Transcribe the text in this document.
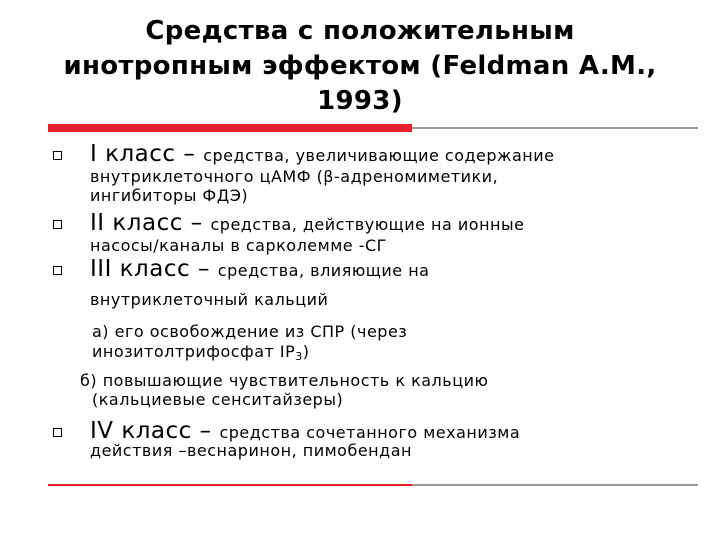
Средства с положительным
инотропным эффектом (Feldman A.M.,
1993)
I класс – средства, увеличивающие содержание
внутриклеточного цАМФ (β-адреномиметики,
ингибиторы ФДЭ)
II класс – средства, действующие на ионные
насосы/каналы в сарколемме -СГ
III класс – средства, влияющие на
внутриклеточный кальций
а) его освобождение из СПР (через
инозитолтрифосфат IP3)
б) повышающие чувствительность к кальцию
(кальциевые сенситайзеры)
IV класс – средства сочетанного механизма
действия –веснаринон, пимобендан
